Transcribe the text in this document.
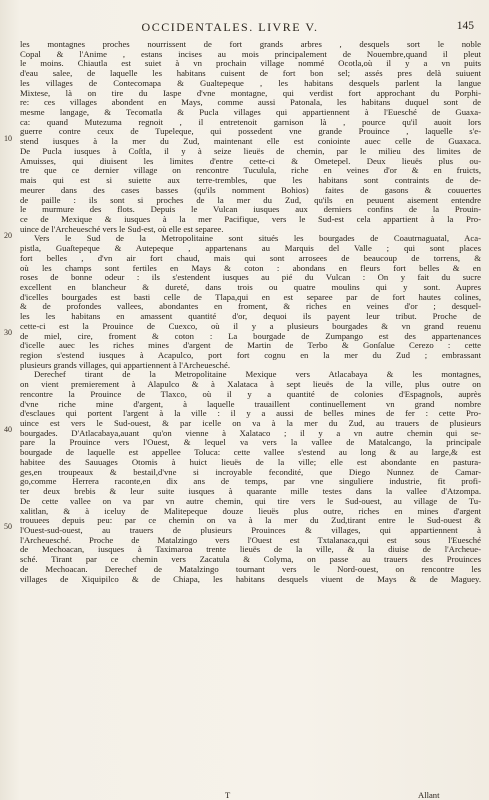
OCCIDENTALES. LIVRE V.	145
10
20
30
40
50
les montagnes proches nourrissent de fort grands arbres , desquels sort le noble
Copal & l'Anime , estans incises au mois principalement de Nouembre,quand il pleut
le moins. Chiautla est suiet à vn prochain village nommé Ocotla,où il y a vn puits
d'eau salee, de laquelle les habitans cuisent de fort bon sel; assés pres delà suiuent
les villages de Contecomapa & Gualtepeque , les habitans desquels parlent la langue
Mixtese, là on tire du Iaspe d'vne montagne, qui verdist fort approchant du Porphi-
re: ces villages abondent en Mays, comme aussi Patonala, les habitans duquel sont de
mesme langage, & Tecomatla & Pucla villages qui appartiennent à l'Euesché de Guaxa-
ca: quand Mutezuma regnoit , il entretenoit garnison là , pource qu'il auoit lors
guerre contre ceux de Tupeleque, qui possedent vne grande Prouince , laquelle s'e-
stend iusques à la mer du Zud, maintenant elle est coniointe auec celle de Guaxaca.
De Pucla iusques à Coſtla, il y à seize lieuës de chemin, par le milieu des limites de
Amuisses, qui diuisent les limites d'entre cette-ci & Ometepel. Deux lieuës plus ou-
tre que ce dernier village on rencontre Tuculula, riche en veines d'or & en fruicts,
mais qui est si suiette aux terre-trembles, que les habitans sont contraints de de-
meurer dans des cases basses (qu'ils nomment Bohios) faites de gasons & couuertes
de paille : ils sont si proches de la mer du Zud, qu'ils en peuuent aisement entendre
le murmure des flots. Depuis le Vulcan iusques aux derniers confins de la Prouin-
ce de Mexique & iusques à la mer Pacifique, vers le Sud-est cela appartient à la Pro-
uince de l'Archeuesché vers le Sud-est, où elle est separee.
Vers le Sud de la Metropolitaine sont situés les bourgades de Coautrnaguatal, Aca-
pistla, Guaſtepeque & Autepeque , appartenans au Marquis del Valle ; qui sont places
fort belles , d'vn air fort chaud, mais qui sont arrosees de beaucoup de torrens, &
où les champs sont fertiles en Mays & coton : abondans en fleurs fort belles & en
roses de bonne odeur : ils s'estendent iusques au pié du Vulcan : On y fait du sucre
excellent en blancheur & dureté, dans trois ou quatre moulins qui y sont. Aupres
d'icelles bourgades est basti celle de Tlapa,qui en est separee par de fort hautes colines,
& de profondes vallees, abondantes en froment, & riches en veines d'or ; desquel-
les les habitans en amassent quantité d'or, dequoi ils payent leur tribut. Proche de
cette-ci est la Prouince de Cuexco, où il y a plusieurs bourgades & vn grand reuenu
de miel, cire, froment & coton : La bourgade de Zumpango est des appartenances
d'icelle auec les riches mines d'argent de Martin de Terbo & Gonſalue Cerezo : cette
region s'estend iusques à Acapulco, port fort cognu en la mer du Zud ; embrassant
plusieurs grands villages, qui appartiennent à l'Archeuesché.
Derechef tirant de la Metropolitaine Mexique vers Atlacabaya & les montagnes,
on vient premierement à Alapulco & à Xalataca à sept lieuës de la ville, plus outre on
rencontre la Prouince de Tlaxco, où il y a quantité de colonies d'Espagnols, auprès
d'vne riche mine d'argent, à laquelle trauaillent continuellement vn grand nombre
d'esclaues qui portent l'argent à la ville : il y a aussi de belles mines de fer : cette Pro-
uince est vers le Sud-ouest, & par icelle on va à la mer du Zud, au trauers de plusieurs
bourgades. D'Atlacabaya,auant qu'on vienne à Xalataco ; il y a vn autre chemin qui se-
pare la Prouince vers l'Ouest, & lequel va vers la vallee de Matalcango, la principale
bourgade de laquelle est appellee Toluca: cette vallee s'estend au long & au large,& est
habitee des Sauuages Otomis à huict lieuës de la ville; elle est abondante en pastura-
ges,en troupeaux & bestail,d'vne si incroyable fecondité, que Diego Nunnez de Camar-
go,comme Herrera raconte,en dix ans de temps, par vne singuliere industrie, fit profi-
ter deux brebis & leur suite iusques à quarante mille testes dans la vallee d'Atzompa.
De cette vallee on va par vn autre chemin, qui tire vers le Sud-ouest, au village de Tu-
xalitlan, & à iceluy de Malitepeque douze lieuës plus outre, riches en mines d'argent
trouuees depuis peu: par ce chemin on va à la mer du Zud,tirant entre le Sud-ouest &
l'Ouest-sud-ouest, au trauers de plusieurs Prouinces & villages, qui appartiennent à
l'Archeuesché. Proche de Matalzingo vers l'Ouest est Txtalanaca,qui est sous l'Euesché
de Mechoacan, iusques à Taximaroa trente lieuës de la ville, & la diuise de l'Archeue-
sché. Tirant par ce chemin vers Zacatula & Colyma, on passe au trauers des Prouinces
de Mechoacan. Derechef de Matalzingo tournant vers le Nord-ouest, on rencontre les
villages de Xiquipilco & de Chiapa, les habitans desquels viuent de Mays & de Maguey.
T	Allant
